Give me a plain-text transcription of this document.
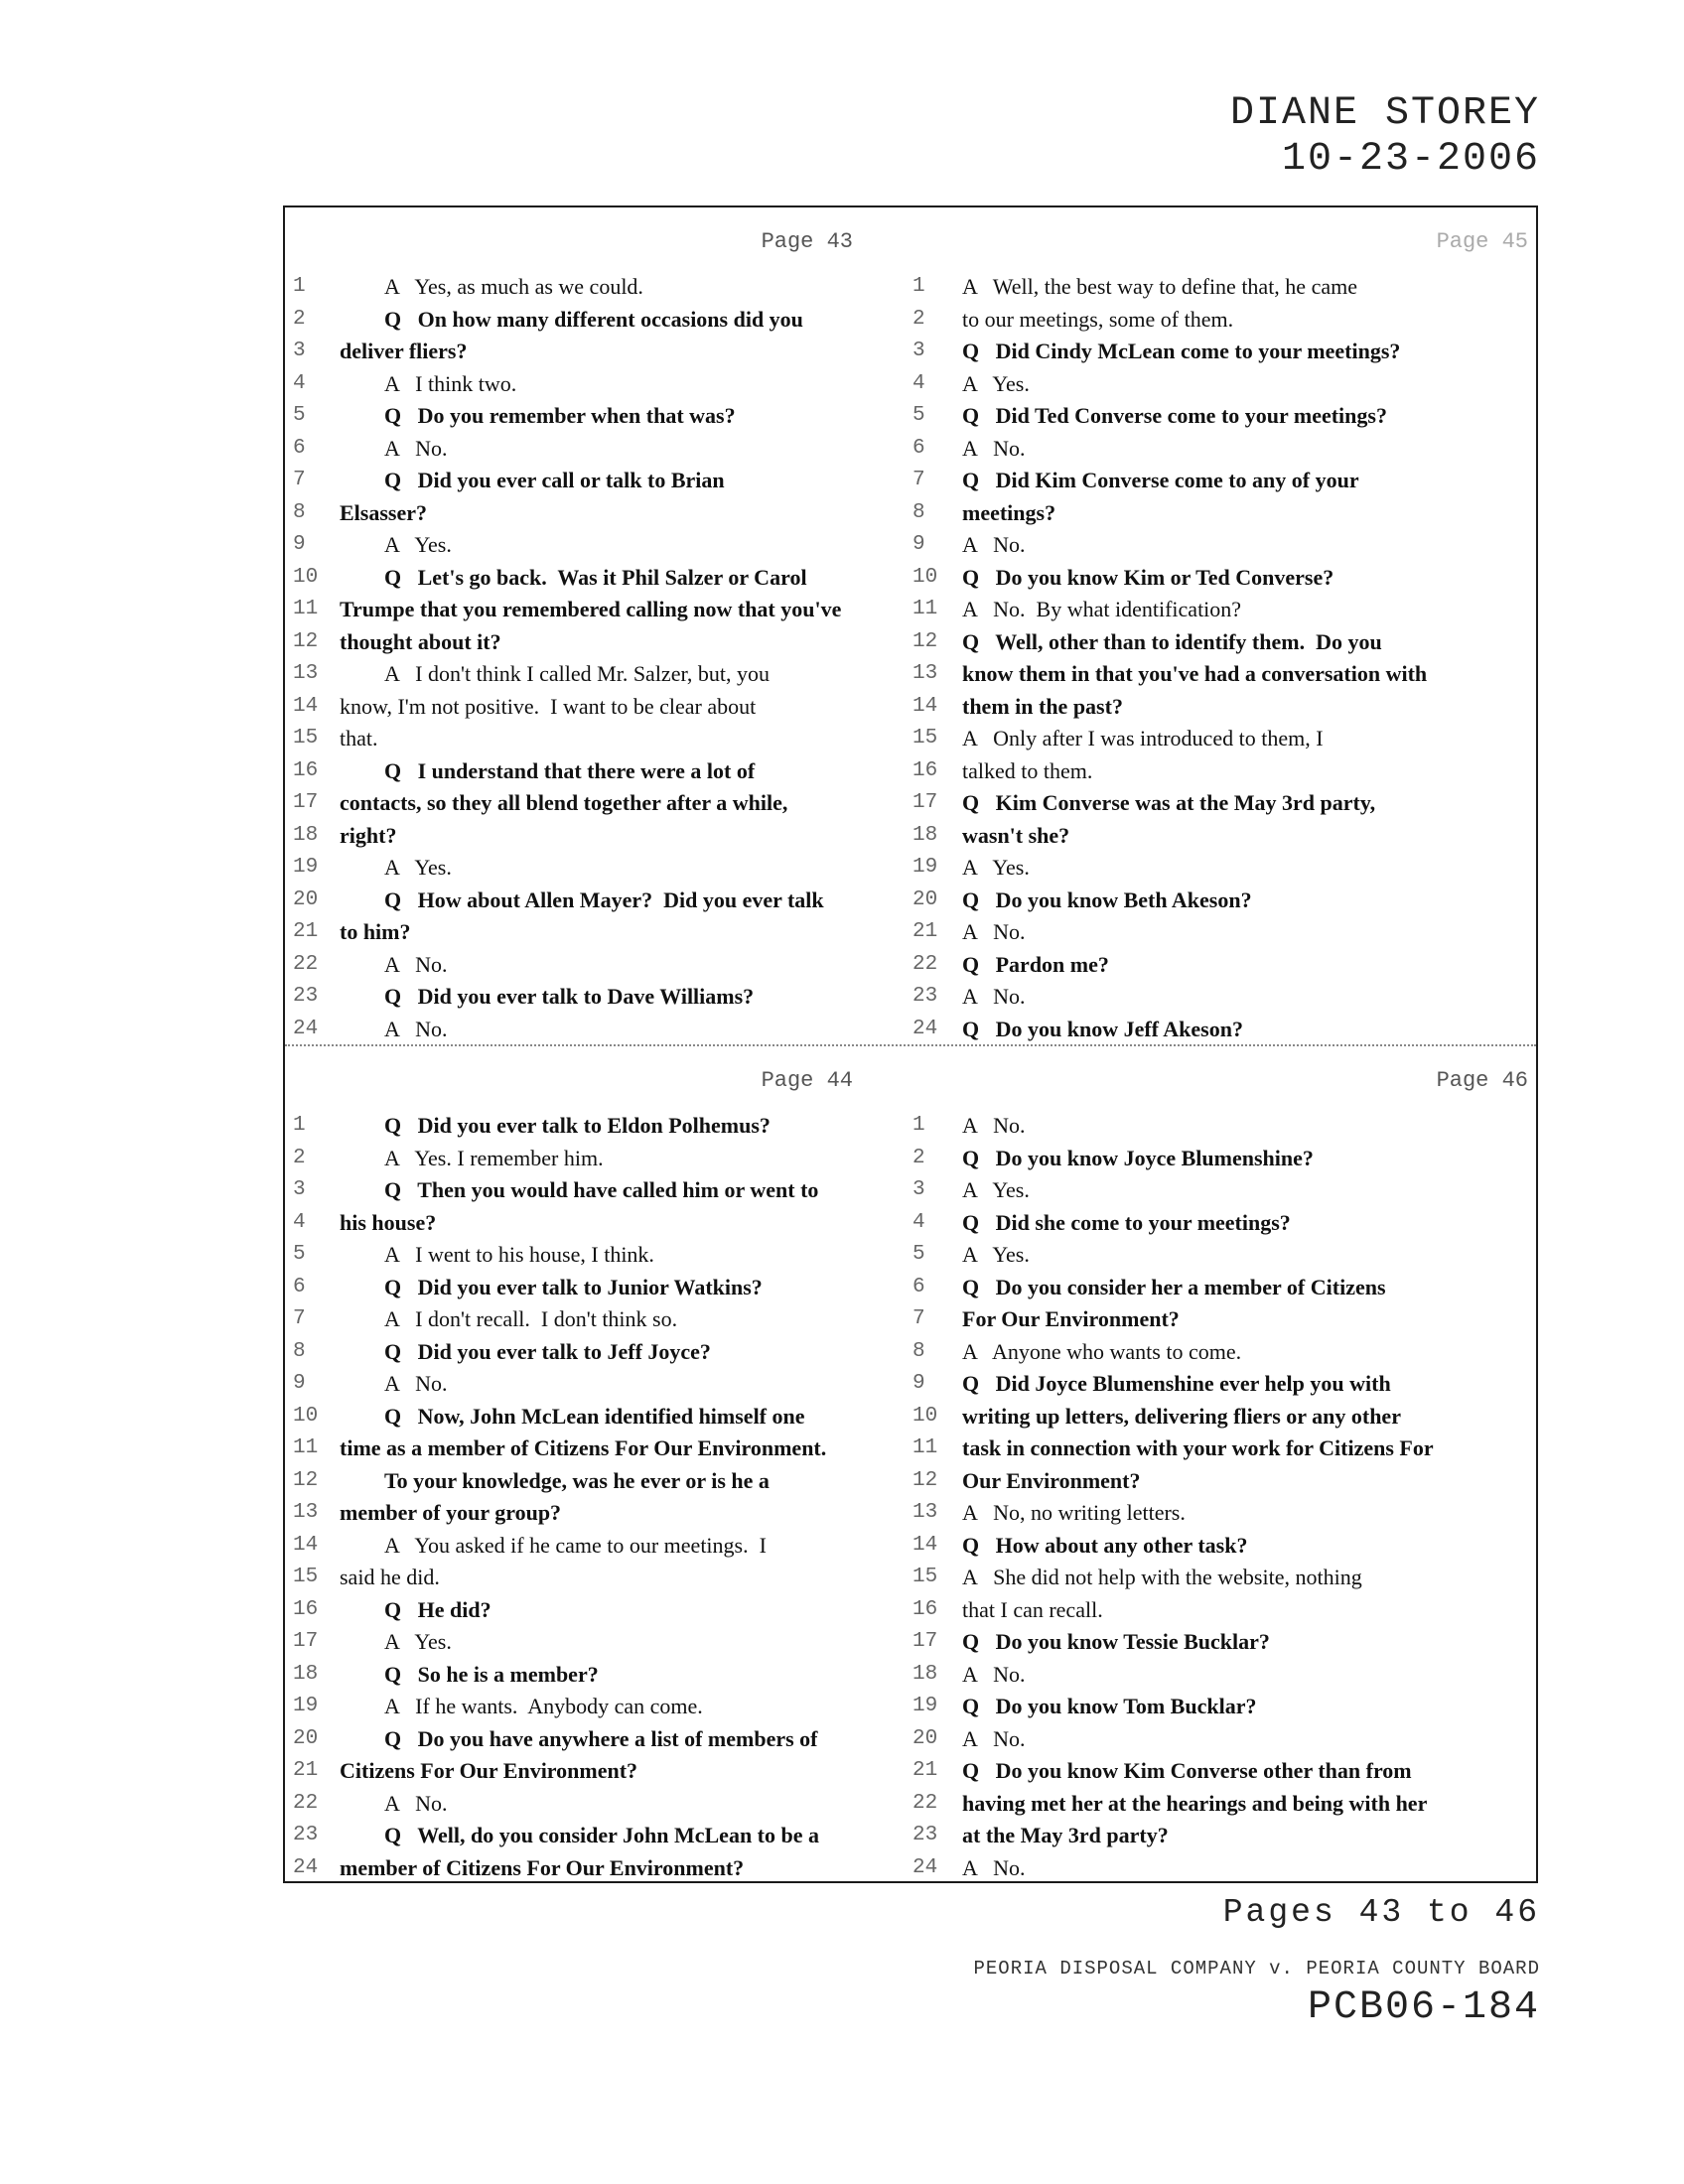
DIANE STOREY
10-23-2006
Page 43
1	A   Yes, as much as we could.
2	Q   On how many different occasions did you
3	deliver fliers?
4	A   I think two.
5	Q   Do you remember when that was?
6	A   No.
7	Q   Did you ever call or talk to Brian
8	Elsasser?
9	A   Yes.
10	Q   Let's go back.  Was it Phil Salzer or Carol
11 Trumpe that you remembered calling now that you've
12 thought about it?
13	A   I don't think I called Mr. Salzer, but, you
14 know, I'm not positive.  I want to be clear about
15 that.
16	Q   I understand that there were a lot of
17 contacts, so they all blend together after a while,
18 right?
19	A   Yes.
20	Q   How about Allen Mayer?  Did you ever talk
21 to him?
22	A   No.
23	Q   Did you ever talk to Dave Williams?
24	A   No.
Page 45
1	A   Well, the best way to define that, he came
2	to our meetings, some of them.
3	Q   Did Cindy McLean come to your meetings?
4	A   Yes.
5	Q   Did Ted Converse come to your meetings?
6	A   No.
7	Q   Did Kim Converse come to any of your
8	meetings?
9	A   No.
10	Q   Do you know Kim or Ted Converse?
11	A   No.  By what identification?
12	Q   Well, other than to identify them.  Do you
13	know them in that you've had a conversation with
14	them in the past?
15	A   Only after I was introduced to them, I
16	talked to them.
17	Q   Kim Converse was at the May 3rd party,
18	wasn't she?
19	A   Yes.
20	Q   Do you know Beth Akeson?
21	A   No.
22	Q   Pardon me?
23	A   No.
24	Q   Do you know Jeff Akeson?
Page 44
1	Q   Did you ever talk to Eldon Polhemus?
2	A   Yes. I remember him.
3	Q   Then you would have called him or went to
4	his house?
5	A   I went to his house, I think.
6	Q   Did you ever talk to Junior Watkins?
7	A   I don't recall.  I don't think so.
8	Q   Did you ever talk to Jeff Joyce?
9	A   No.
10	Q   Now, John McLean identified himself one
11 time as a member of Citizens For Our Environment.
12	To your knowledge, was he ever or is he a
13 member of your group?
14	A   You asked if he came to our meetings.  I
15 said he did.
16	Q   He did?
17	A   Yes.
18	Q   So he is a member?
19	A   If he wants.  Anybody can come.
20	Q   Do you have anywhere a list of members of
21 Citizens For Our Environment?
22	A   No.
23	Q   Well, do you consider John McLean to be a
24 member of Citizens For Our Environment?
Page 46
1	A   No.
2	Q   Do you know Joyce Blumenshine?
3	A   Yes.
4	Q   Did she come to your meetings?
5	A   Yes.
6	Q   Do you consider her a member of Citizens
7	For Our Environment?
8	A   Anyone who wants to come.
9	Q   Did Joyce Blumenshine ever help you with
10	writing up letters, delivering fliers or any other
11	task in connection with your work for Citizens For
12	Our Environment?
13	A   No, no writing letters.
14	Q   How about any other task?
15	A   She did not help with the website, nothing
16	that I can recall.
17	Q   Do you know Tessie Bucklar?
18	A   No.
19	Q   Do you know Tom Bucklar?
20	A   No.
21	Q   Do you know Kim Converse other than from
22	having met her at the hearings and being with her
23	at the May 3rd party?
24	A   No.
Pages 43 to 46
PEORIA DISPOSAL COMPANY v. PEORIA COUNTY BOARD
PCB06-184
